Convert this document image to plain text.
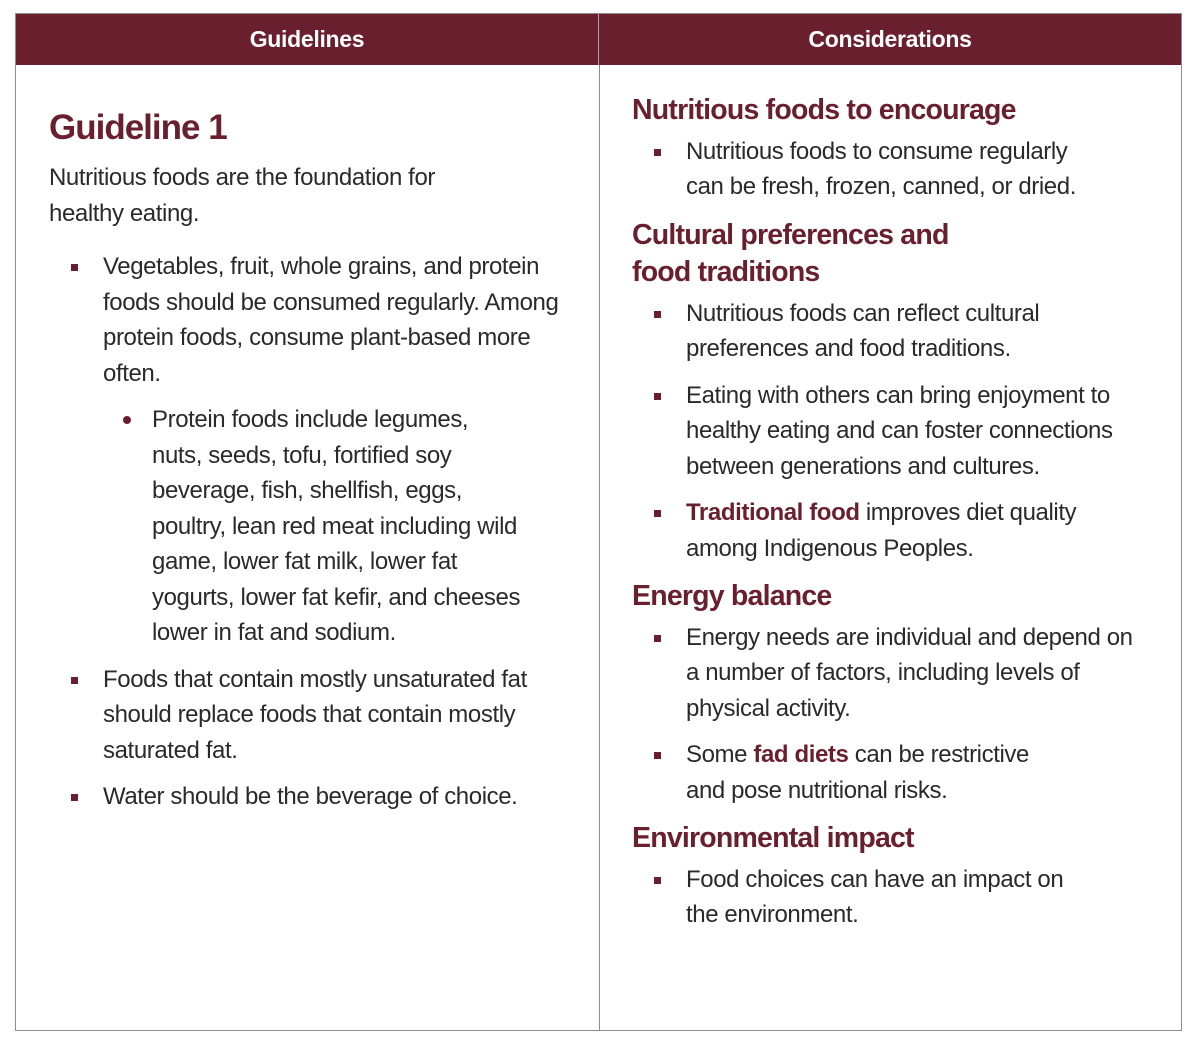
Guidelines	Considerations
Guideline 1
Nutritious foods are the foundation for healthy eating.
Vegetables, fruit, whole grains, and protein foods should be consumed regularly. Among protein foods, consume plant-based more often.
Protein foods include legumes, nuts, seeds, tofu, fortified soy beverage, fish, shellfish, eggs, poultry, lean red meat including wild game, lower fat milk, lower fat yogurts, lower fat kefir, and cheeses lower in fat and sodium.
Foods that contain mostly unsaturated fat should replace foods that contain mostly saturated fat.
Water should be the beverage of choice.
Nutritious foods to encourage
Nutritious foods to consume regularly can be fresh, frozen, canned, or dried.
Cultural preferences and
food traditions
Nutritious foods can reflect cultural preferences and food traditions.
Eating with others can bring enjoyment to healthy eating and can foster connections between generations and cultures.
Traditional food improves diet quality among Indigenous Peoples.
Energy balance
Energy needs are individual and depend on a number of factors, including levels of physical activity.
Some fad diets can be restrictive and pose nutritional risks.
Environmental impact
Food choices can have an impact on the environment.
